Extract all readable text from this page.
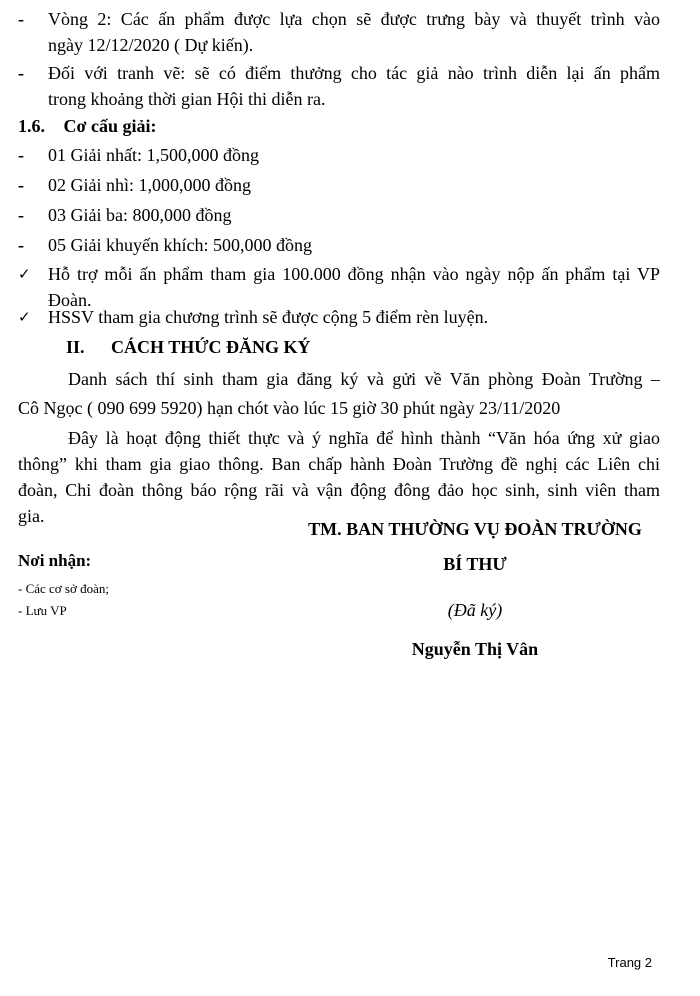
-	Vòng 2: Các ấn phẩm được lựa chọn sẽ được trưng bày và thuyết trình vào
ngày 12/12/2020 ( Dự kiến).
-	Đối với tranh vẽ: sẽ có điểm thưởng cho tác giả nào trình diễn lại ấn phẩm
trong khoảng thời gian Hội thi diễn ra.
1.6. Cơ cấu giải:
-	01 Giải nhất: 1,500,000 đồng
-	02 Giải nhì: 1,000,000 đồng
-	03 Giải ba: 800,000 đồng
-	05 Giải khuyến khích: 500,000 đồng
✓ Hỗ trợ mỗi ấn phẩm tham gia 100.000 đồng nhận vào ngày nộp ấn phẩm tại VP
Đoàn.
✓ HSSV tham gia chương trình sẽ được cộng 5 điểm rèn luyện.
II. CÁCH THỨC ĐĂNG KÝ
Danh sách thí sinh tham gia đăng ký và gửi về Văn phòng Đoàn Trường –
Cô Ngọc ( 090 699 5920) hạn chót vào lúc 15 giờ 30 phút ngày 23/11/2020
Đây là hoạt động thiết thực và ý nghĩa để hình thành “Văn hóa ứng xử giao
thông” khi tham gia giao thông. Ban chấp hành Đoàn Trường đề nghị các Liên chi
đoàn, Chi đoàn thông báo rộng rãi và vận động đông đảo học sinh, sinh viên tham
gia.
TM. BAN THƯỜNG VỤ ĐOÀN TRƯỜNG
BÍ THƯ
(Đã ký)
Nguyễn Thị Vân
Nơi nhận:
- Các cơ sở đoàn;
- Lưu VP
Trang 2
